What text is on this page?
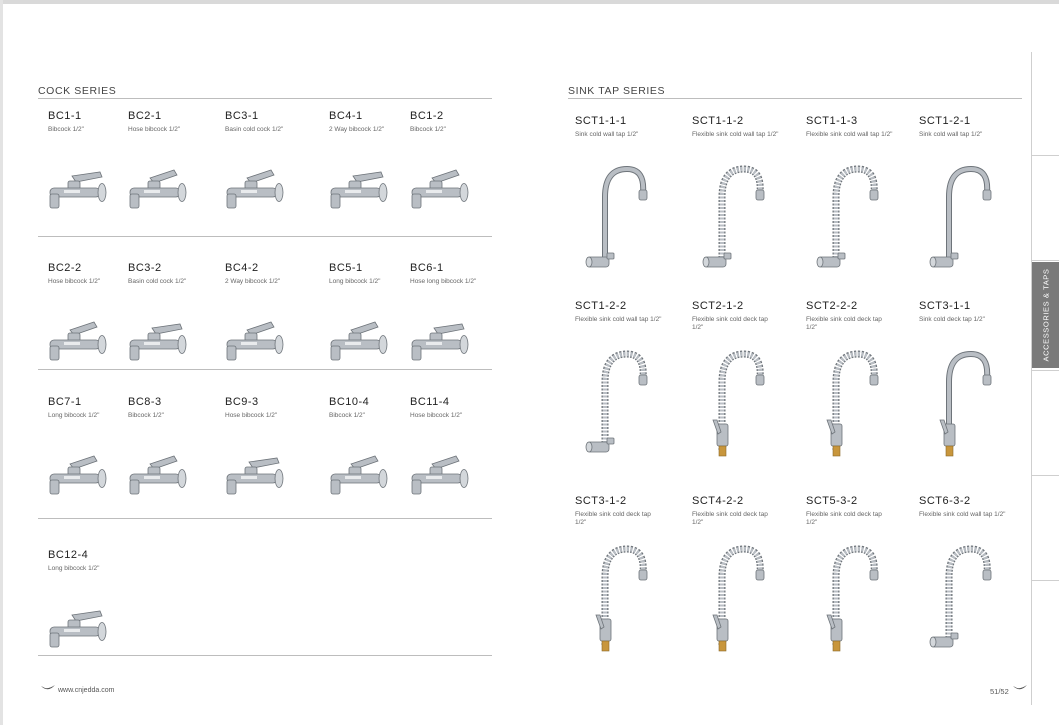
COCK SERIES
BC1-1
Bibcock 1/2"
BC2-1
Hose bibcock 1/2"
BC3-1
Basin cold cock 1/2"
BC4-1
2 Way bibcock 1/2"
BC1-2
Bibcock 1/2"
BC2-2
Hose bibcock 1/2"
BC3-2
Basin cold cock 1/2"
BC4-2
2 Way bibcock 1/2"
BC5-1
Long bibcock 1/2"
BC6-1
Hose long bibcock 1/2"
BC7-1
Long bibcock 1/2"
BC8-3
Bibcock 1/2"
BC9-3
Hose bibcock 1/2"
BC10-4
Bibcock 1/2"
BC11-4
Hose bibcock 1/2"
BC12-4
Long bibcock 1/2"
SINK TAP SERIES
SCT1-1-1
Sink cold wall tap 1/2"
SCT1-1-2
Flexible sink cold wall tap 1/2"
SCT1-1-3
Flexible sink cold wall tap 1/2"
SCT1-2-1
Sink cold wall tap 1/2"
SCT1-2-2
Flexible sink cold wall tap 1/2"
SCT2-1-2
Flexible sink cold deck tap 1/2"
SCT2-2-2
Flexible sink cold deck tap 1/2"
SCT3-1-1
Sink cold deck tap 1/2"
SCT3-1-2
Flexible sink cold deck tap 1/2"
SCT4-2-2
Flexible sink cold deck tap 1/2"
SCT5-3-2
Flexible sink cold deck tap 1/2"
SCT6-3-2
Flexible sink cold wall tap 1/2"
ACCESSORIES & TAPS
www.cnjedda.com	51/52
